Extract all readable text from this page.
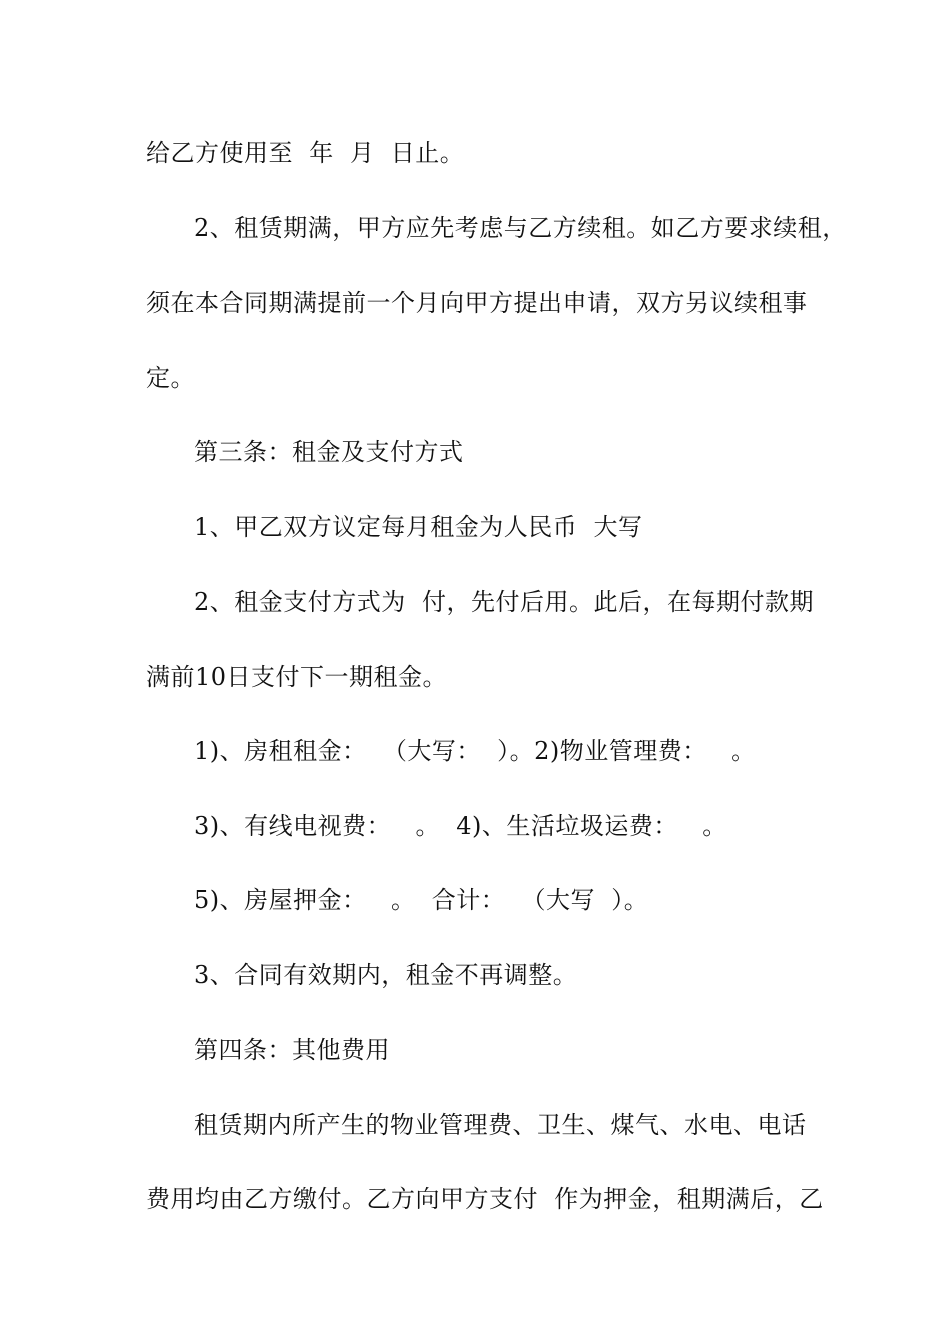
给乙方使用至  年  月  日止。
2、租赁期满，甲方应先考虑与乙方续租。如乙方要求续租，
须在本合同期满提前一个月向甲方提出申请，双方另议续租事
定。
第三条：租金及支付方式
1、甲乙双方议定每月租金为人民币  大写
2、租金支付方式为  付，先付后用。此后，在每期付款期
满前10日支付下一期租金。
1)、房租租金：  （大写：  ）。2)物业管理费：   。
3)、有线电视费：   。  4)、生活垃圾运费：   。
5)、房屋押金：   。  合计：  （大写  ）。
3、合同有效期内，租金不再调整。
第四条：其他费用
租赁期内所产生的物业管理费、卫生、煤气、水电、电话
费用均由乙方缴付。乙方向甲方支付  作为押金，租期满后，乙
